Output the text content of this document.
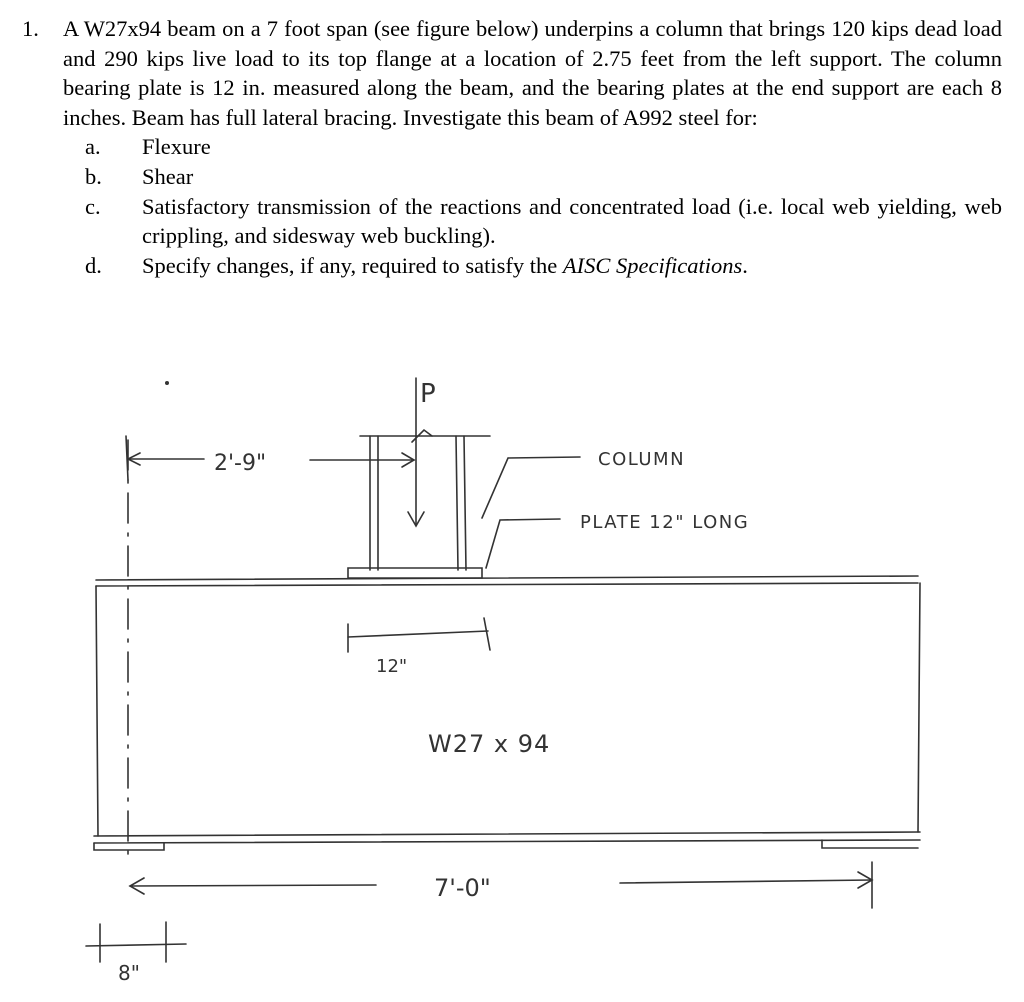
1. A W27x94 beam on a 7 foot span (see figure below) underpins a column that brings 120 kips dead load and 290 kips live load to its top flange at a location of 2.75 feet from the left support. The column bearing plate is 12 in. measured along the beam, and the bearing plates at the end support are each 8 inches. Beam has full lateral bracing. Investigate this beam of A992 steel for:
a.	Flexure
b.	Shear
c.	Satisfactory transmission of the reactions and concentrated load (i.e. local web yielding, web crippling, and sidesway web buckling).
d.	Specify changes, if any, required to satisfy the AISC Specifications.
P
2'-9"	COLUMN
PLATE 12" LONG
12"
W27 x 94
7'-0"
8"
